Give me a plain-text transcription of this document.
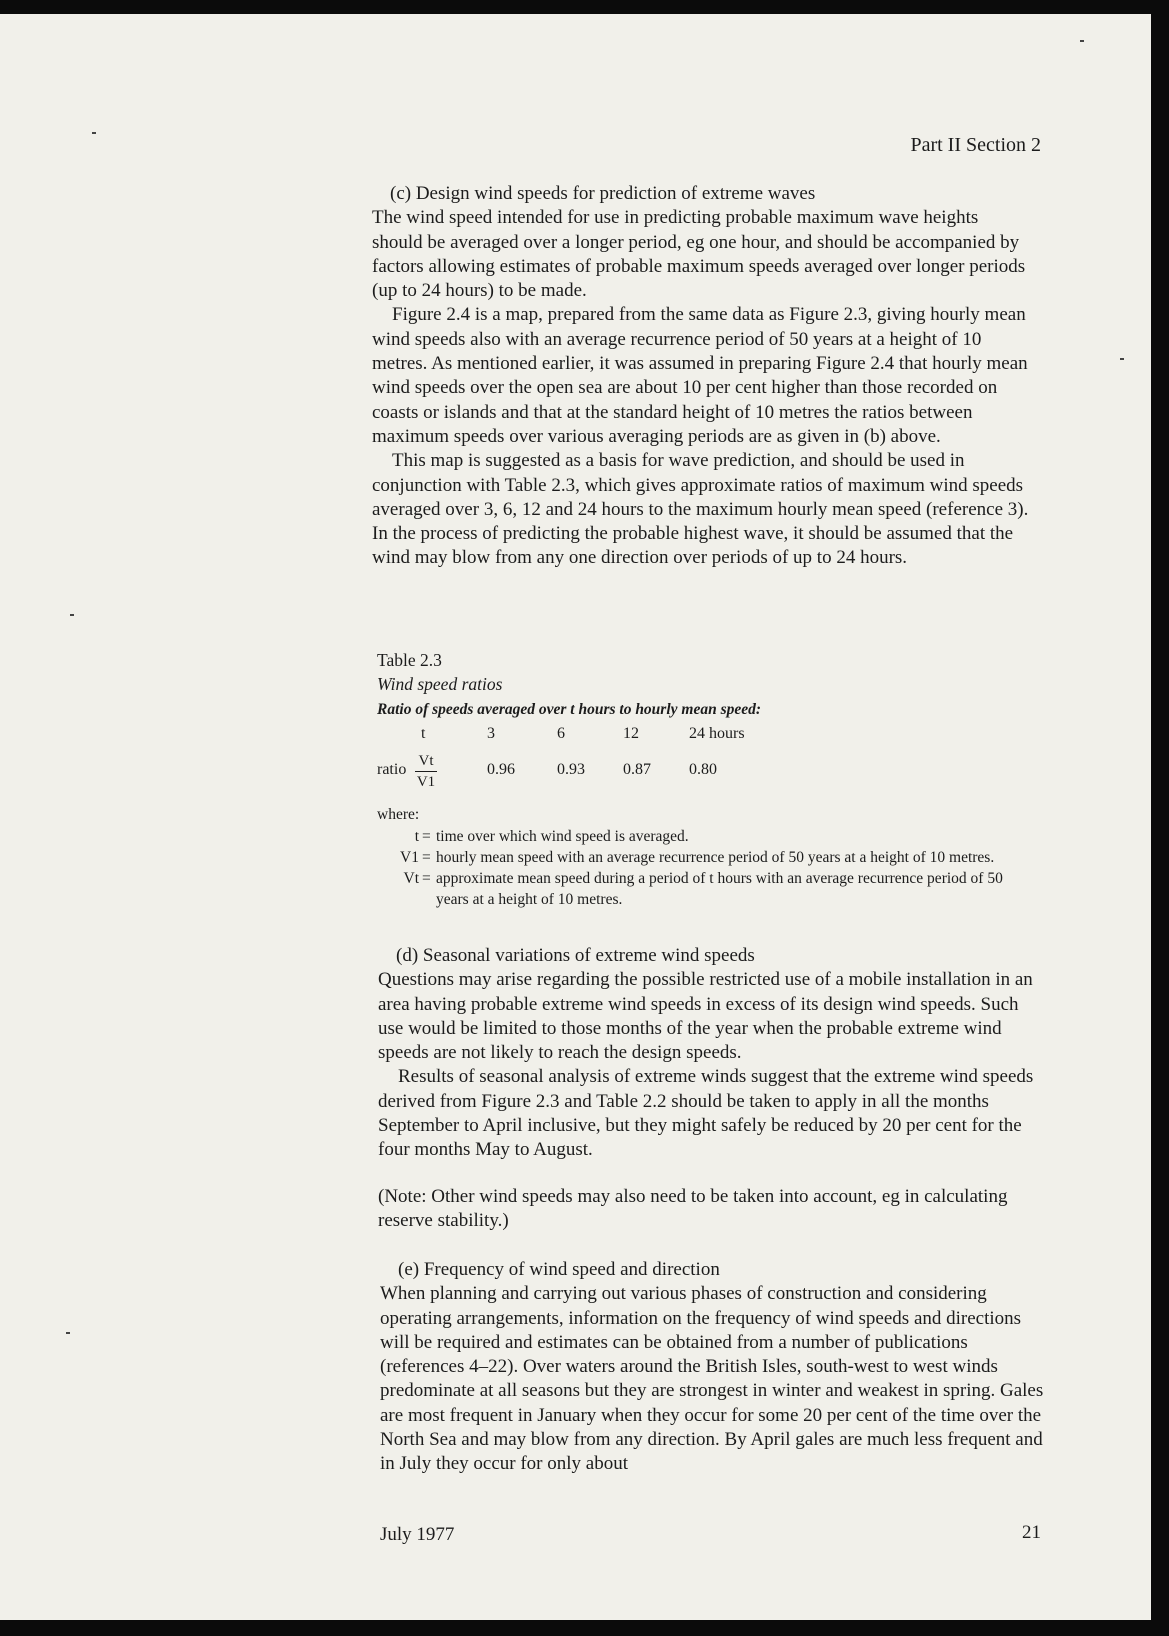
Part II Section 2

(c) Design wind speeds for prediction of extreme waves

The wind speed intended for use in predicting probable maximum wave heights should be averaged over a longer period, eg one hour, and should be accompanied by factors allowing estimates of probable maximum speeds averaged over longer periods (up to 24 hours) to be made.

Figure 2.4 is a map, prepared from the same data as Figure 2.3, giving hourly mean wind speeds also with an average recurrence period of 50 years at a height of 10 metres. As mentioned earlier, it was assumed in preparing Figure 2.4 that hourly mean wind speeds over the open sea are about 10 per cent higher than those recorded on coasts or islands and that at the standard height of 10 metres the ratios between maximum speeds over various averaging periods are as given in (b) above.

This map is suggested as a basis for wave prediction, and should be used in conjunction with Table 2.3, which gives approximate ratios of maximum wind speeds averaged over 3, 6, 12 and 24 hours to the maximum hourly mean speed (reference 3). In the process of predicting the probable highest wave, it should be assumed that the wind may blow from any one direction over periods of up to 24 hours.

Table 2.3

Wind speed ratios

Ratio of speeds averaged over t hours to hourly mean speed:

	t	3	6	12	24 hours
ratio	$\frac{Vt}{V1}$	0.96	0.93	0.87	0.80

where:

t = time over which wind speed is averaged.
V1 = hourly mean speed with an average recurrence period of 50 years at a height of 10 metres.
Vt = approximate mean speed during a period of t hours with an average recurrence period of 50 years at a height of 10 metres.

(d) Seasonal variations of extreme wind speeds

Questions may arise regarding the possible restricted use of a mobile installation in an area having probable extreme wind speeds in excess of its design wind speeds. Such use would be limited to those months of the year when the probable extreme wind speeds are not likely to reach the design speeds.

Results of seasonal analysis of extreme winds suggest that the extreme wind speeds derived from Figure 2.3 and Table 2.2 should be taken to apply in all the months September to April inclusive, but they might safely be reduced by 20 per cent for the four months May to August.

(Note: Other wind speeds may also need to be taken into account, eg in calculating reserve stability.)

(e) Frequency of wind speed and direction

When planning and carrying out various phases of construction and considering operating arrangements, information on the frequency of wind speeds and directions will be required and estimates can be obtained from a number of publications (references 4–22). Over waters around the British Isles, south-west to west winds predominate at all seasons but they are strongest in winter and weakest in spring. Gales are most frequent in January when they occur for some 20 per cent of the time over the North Sea and may blow from any direction. By April gales are much less frequent and in July they occur for only about

July 1977	21
